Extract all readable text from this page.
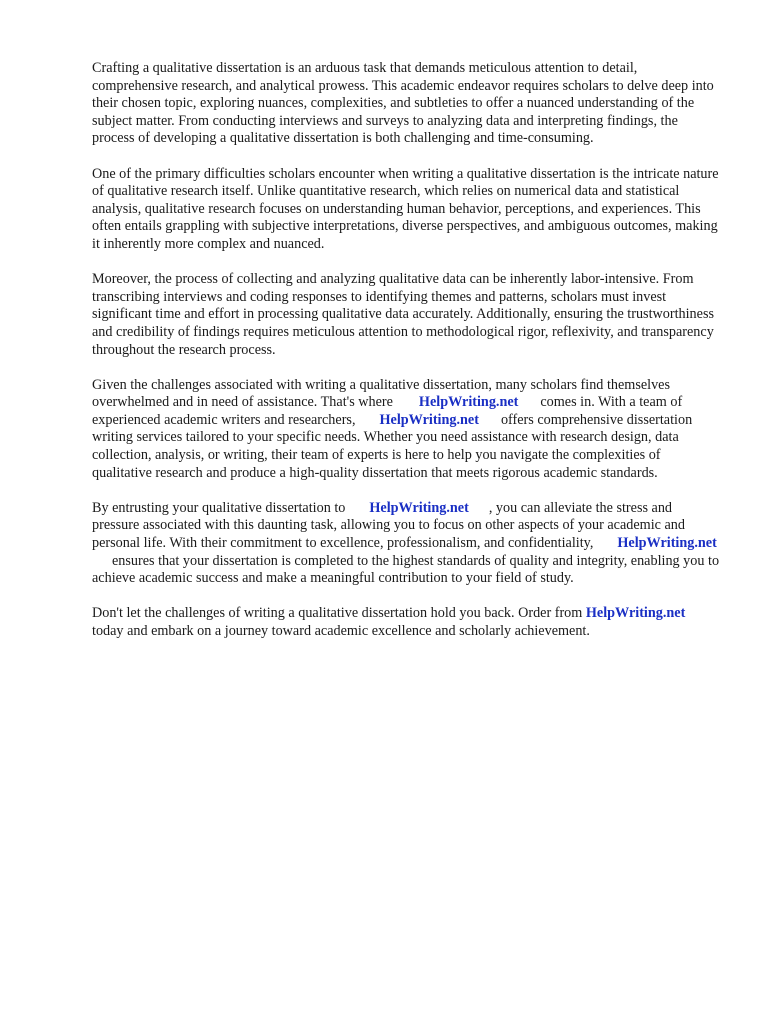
Crafting a qualitative dissertation is an arduous task that demands meticulous attention to detail, comprehensive research, and analytical prowess. This academic endeavor requires scholars to delve deep into their chosen topic, exploring nuances, complexities, and subtleties to offer a nuanced understanding of the subject matter. From conducting interviews and surveys to analyzing data and interpreting findings, the process of developing a qualitative dissertation is both challenging and time-consuming.

One of the primary difficulties scholars encounter when writing a qualitative dissertation is the intricate nature of qualitative research itself. Unlike quantitative research, which relies on numerical data and statistical analysis, qualitative research focuses on understanding human behavior, perceptions, and experiences. This often entails grappling with subjective interpretations, diverse perspectives, and ambiguous outcomes, making it inherently more complex and nuanced.

Moreover, the process of collecting and analyzing qualitative data can be inherently labor-intensive. From transcribing interviews and coding responses to identifying themes and patterns, scholars must invest significant time and effort in processing qualitative data accurately. Additionally, ensuring the trustworthiness and credibility of findings requires meticulous attention to methodological rigor, reflexivity, and transparency throughout the research process.

Given the challenges associated with writing a qualitative dissertation, many scholars find themselves overwhelmed and in need of assistance. That's where HelpWriting.net comes in. With a team of experienced academic writers and researchers, HelpWriting.net offers comprehensive dissertation writing services tailored to your specific needs. Whether you need assistance with research design, data collection, analysis, or writing, their team of experts is here to help you navigate the complexities of qualitative research and produce a high-quality dissertation that meets rigorous academic standards.

By entrusting your qualitative dissertation to HelpWriting.net , you can alleviate the stress and pressure associated with this daunting task, allowing you to focus on other aspects of your academic and personal life. With their commitment to excellence, professionalism, and confidentiality, HelpWriting.netensures that your dissertation is completed to the highest standards of quality and integrity, enabling you to achieve academic success and make a meaningful contribution to your field of study.

Don't let the challenges of writing a qualitative dissertation hold you back. Order from HelpWriting.nettoday and embark on a journey toward academic excellence and scholarly achievement.
